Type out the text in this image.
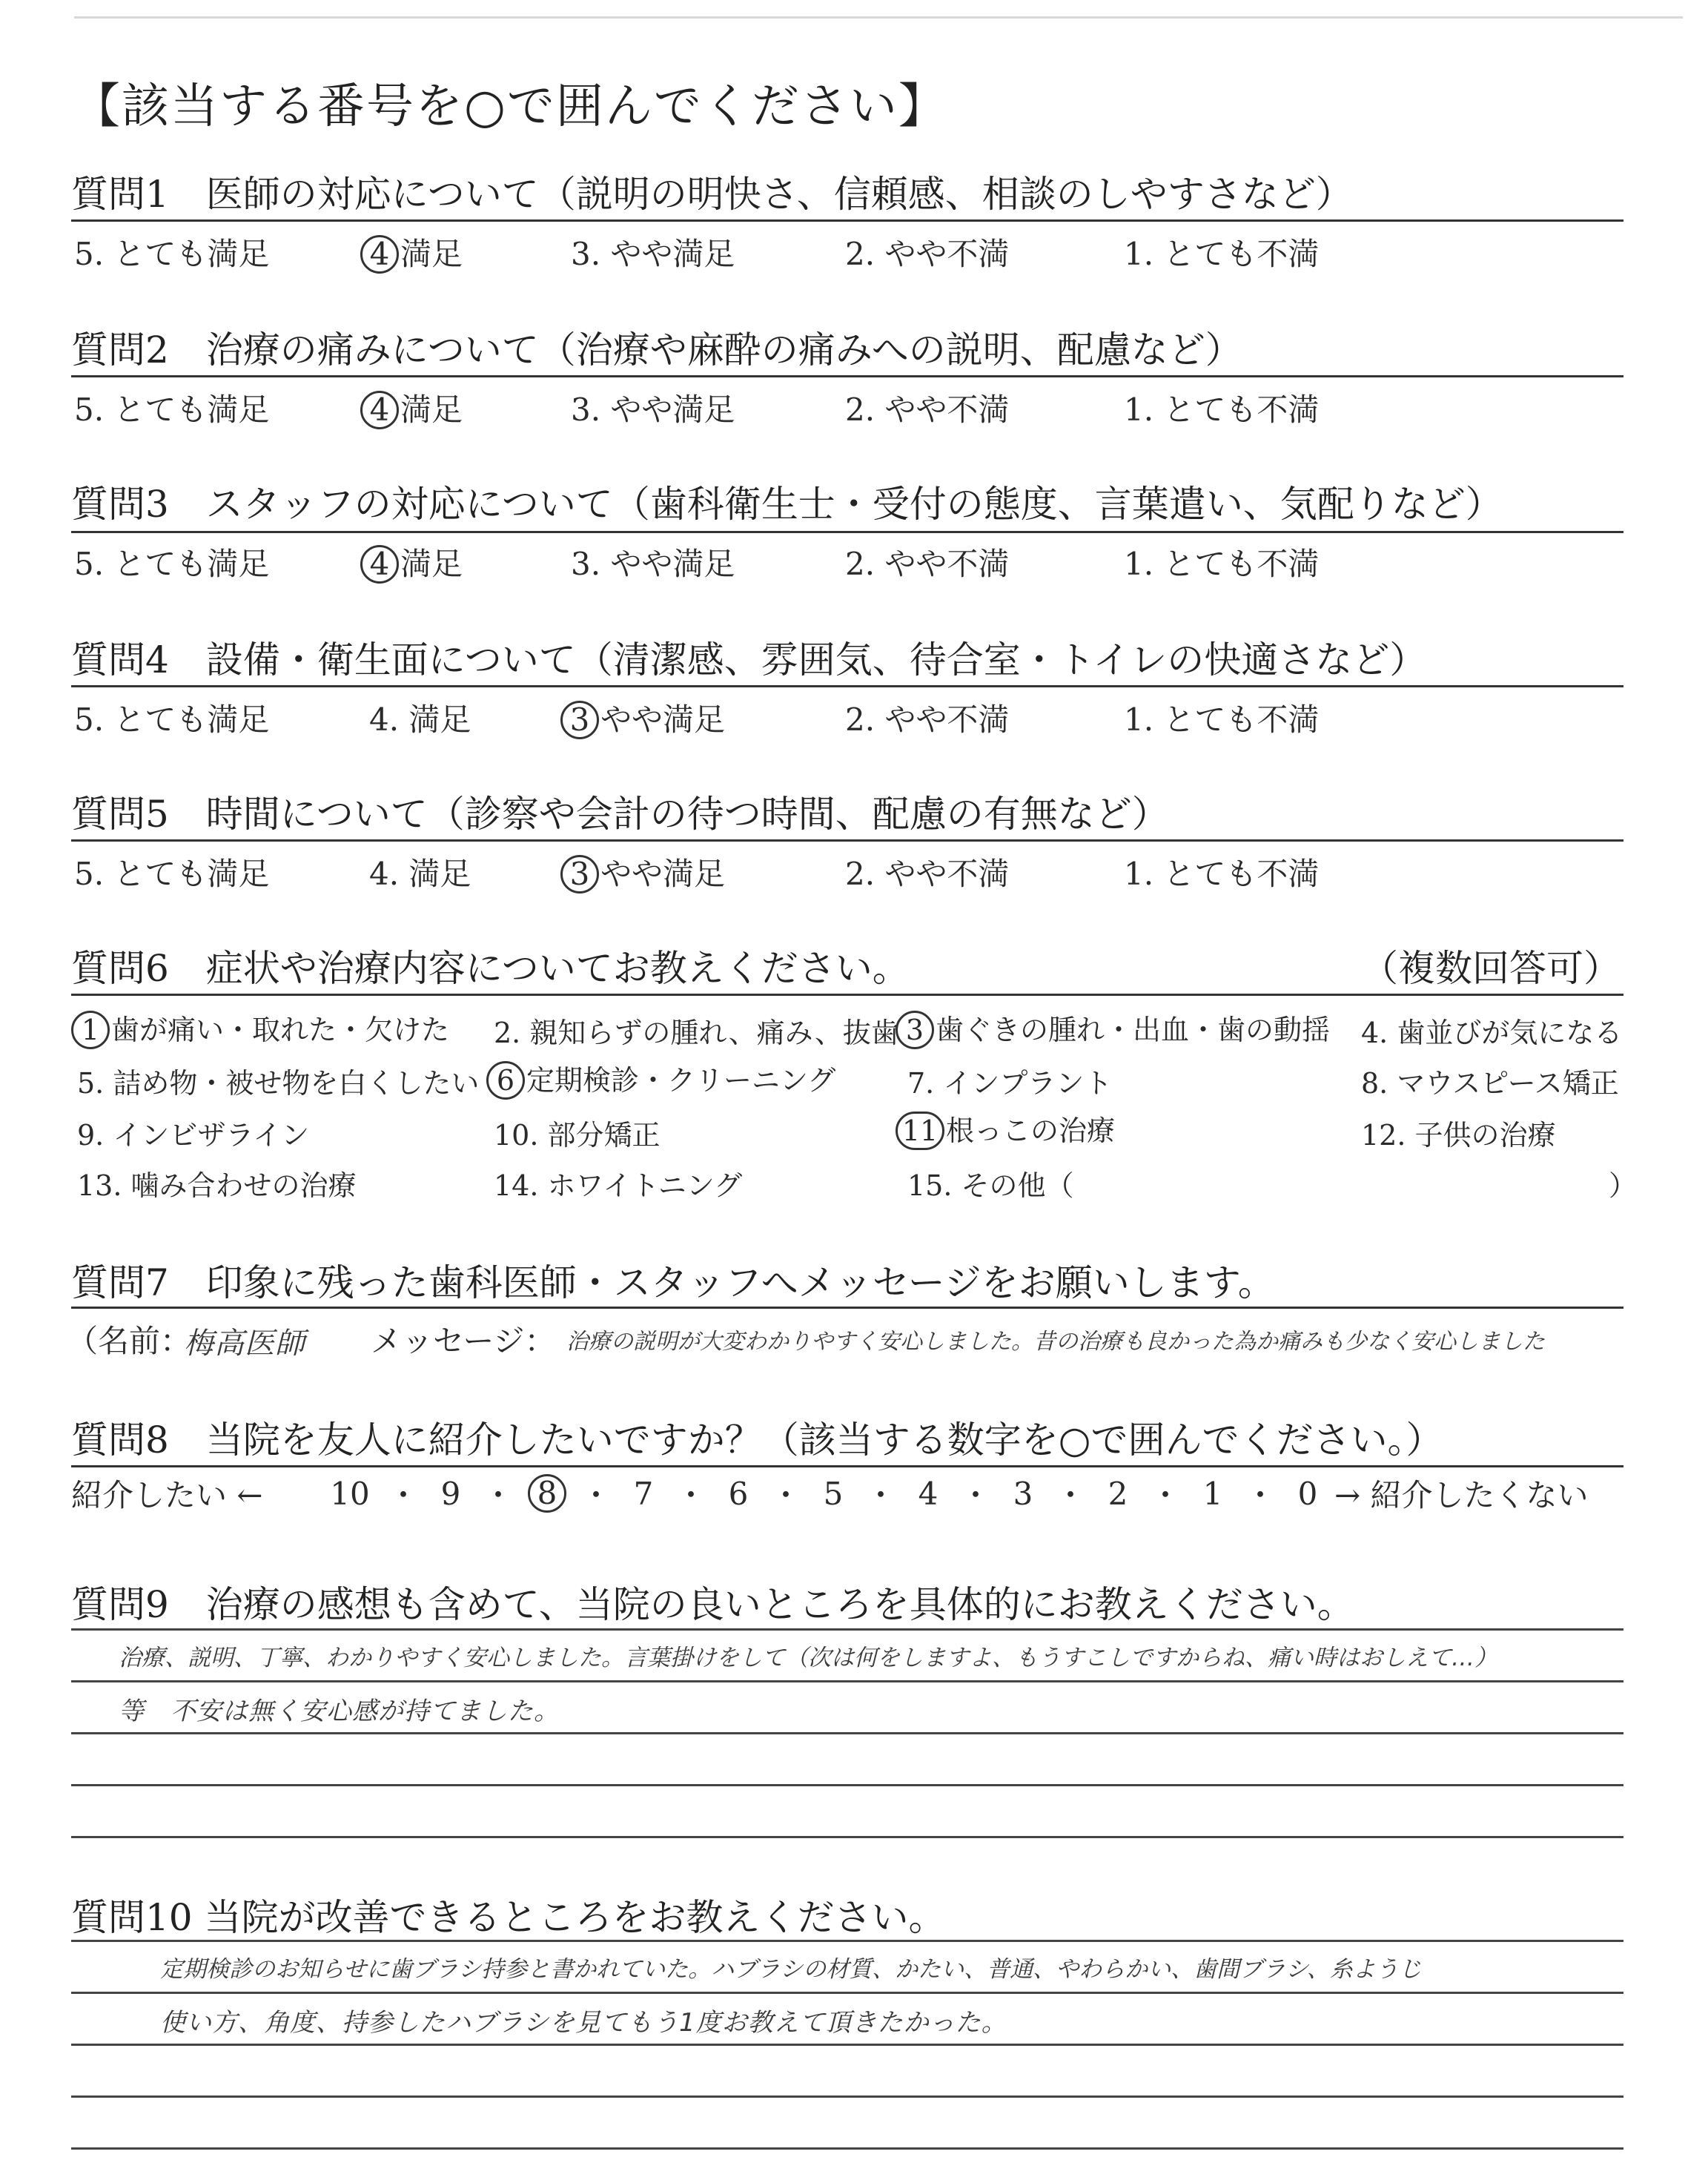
【該当する番号を○で囲んでください】
質問1　医師の対応について（説明の明快さ、信頼感、相談のしやすさなど）
5. とても満足	4 満足	3. やや満足	2. やや不満	1. とても不満
質問2　治療の痛みについて（治療や麻酔の痛みへの説明、配慮など）
5. とても満足	4 満足	3. やや満足	2. やや不満	1. とても不満
質問3　スタッフの対応について（歯科衛生士・受付の態度、言葉遣い、気配りなど）
5. とても満足	4 満足	3. やや満足	2. やや不満	1. とても不満
質問4　設備・衛生面について（清潔感、雰囲気、待合室・トイレの快適さなど）
5. とても満足	4. 満足	3 やや満足	2. やや不満	1. とても不満
質問5　時間について（診察や会計の待つ時間、配慮の有無など）
5. とても満足	4. 満足	3 やや満足	2. やや不満	1. とても不満
質問6　症状や治療内容についてお教えください。	（複数回答可）
1 歯が痛い・取れた・欠けた 2. 親知らずの腫れ、痛み、抜歯 3 歯ぐきの腫れ・出血・歯の動揺 4. 歯並びが気になる
5. 詰め物・被せ物を白くしたい 6 定期検診・クリーニング	7. インプラント	8. マウスピース矯正
9. インビザライン	10. 部分矯正	11 根っこの治療	12. 子供の治療
13. 噛み合わせの治療	14. ホワイトニング	15. その他（	）
質問7　印象に残った歯科医師・スタッフへメッセージをお願いします。
（名前：
梅高医師 メッセージ： 治療の説明が大変わかりやすく安心しました。昔の治療も良かった為か痛みも少なく安心しました
質問8　当院を友人に紹介したいですか？（該当する数字を○で囲んでください。）
紹介したい ← 10 ・ 9 ・ 8 ・ 7 ・ 6 ・ 5 ・ 4 ・ 3 ・ 2 ・ 1 ・ 0 → 紹介したくない
質問9　治療の感想も含めて、当院の良いところを具体的にお教えください。
治療、説明、丁寧、わかりやすく安心しました。言葉掛けをして（次は何をしますよ、もうすこしですからね、痛い時はおしえて…）
等　不安は無く安心感が持てました。
質問10 当院が改善できるところをお教えください。
定期検診のお知らせに歯ブラシ持参と書かれていた。ハブラシの材質、かたい、普通、やわらかい、歯間ブラシ、糸ようじ
使い方、角度、持参したハブラシを見てもう1度お教えて頂きたかった。
